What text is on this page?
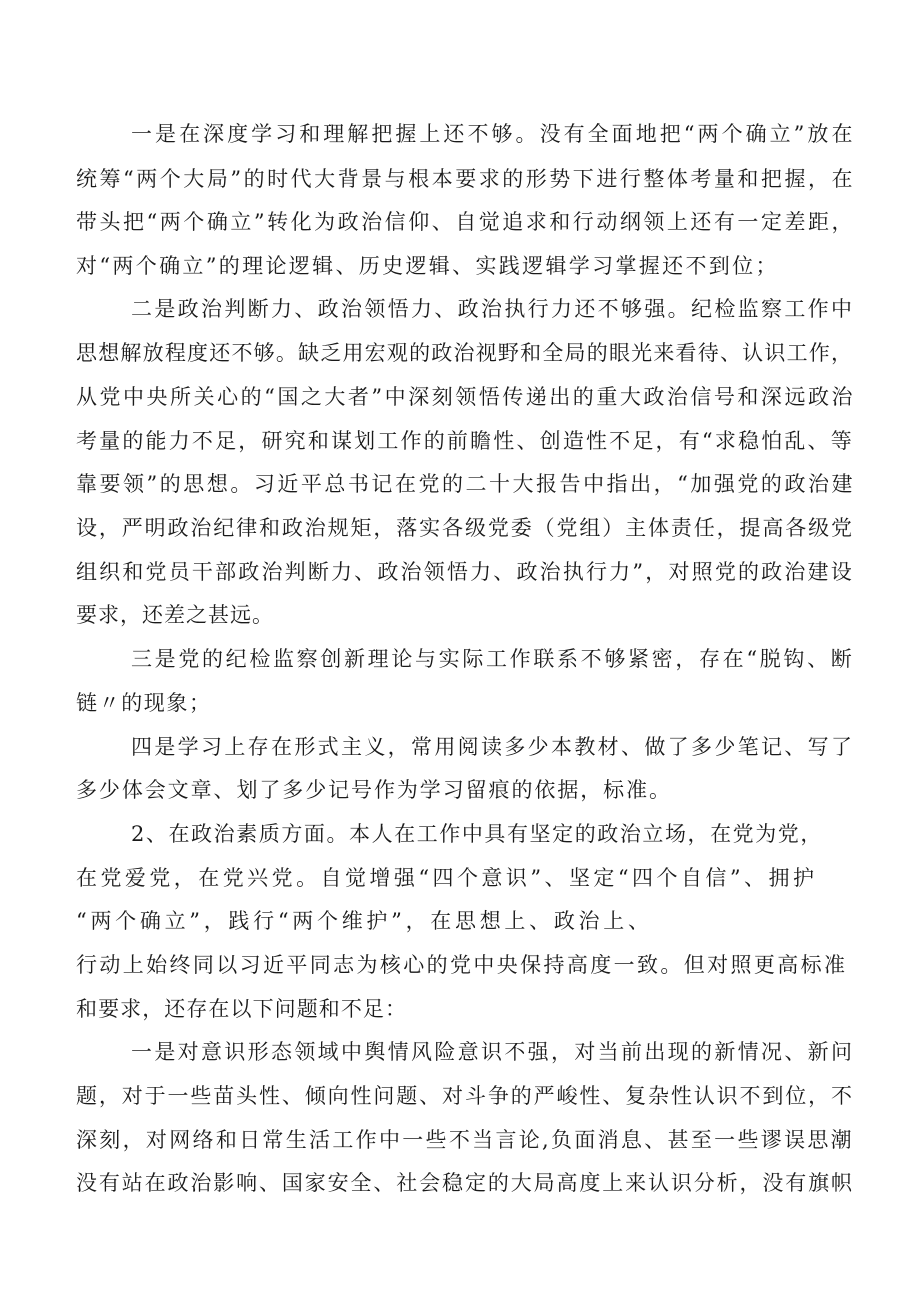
一是在深度学习和理解把握上还不够。没有全面地把“两个确立”放在
统筹“两个大局”的时代大背景与根本要求的形势下进行整体考量和把握，在
带头把“两个确立”转化为政治信仰、自觉追求和行动纲领上还有一定差距，
对“两个确立”的理论逻辑、历史逻辑、实践逻辑学习掌握还不到位；
二是政治判断力、政治领悟力、政治执行力还不够强。纪检监察工作中
思想解放程度还不够。缺乏用宏观的政治视野和全局的眼光来看待、认识工作，
从党中央所关心的“国之大者”中深刻领悟传递出的重大政治信号和深远政治
考量的能力不足，研究和谋划工作的前瞻性、创造性不足，有“求稳怕乱、等
靠要领”的思想。习近平总书记在党的二十大报告中指出，“加强党的政治建
设，严明政治纪律和政治规矩，落实各级党委（党组）主体责任，提高各级党
组织和党员干部政治判断力、政治领悟力、政治执行力”，对照党的政治建设
要求，还差之甚远。
三是党的纪检监察创新理论与实际工作联系不够紧密，存在“脱钩、断
链〃的现象；
四是学习上存在形式主义，常用阅读多少本教材、做了多少笔记、写了
多少体会文章、划了多少记号作为学习留痕的依据，标准。
2、在政治素质方面。本人在工作中具有坚定的政治立场，在党为党，
在党爱党，在党兴党。自觉增强“四个意识”、坚定“四个自信”、拥护
“两个确立”，践行“两个维护”，在思想上、政治上、
行动上始终同以习近平同志为核心的党中央保持高度一致。但对照更高标准
和要求，还存在以下问题和不足：
一是对意识形态领域中舆情风险意识不强，对当前出现的新情况、新问
题，对于一些苗头性、倾向性问题、对斗争的严峻性、复杂性认识不到位，不
深刻，对网络和日常生活工作中一些不当言论,负面消息、甚至一些谬误思潮
没有站在政治影响、国家安全、社会稳定的大局高度上来认识分析，没有旗帜
